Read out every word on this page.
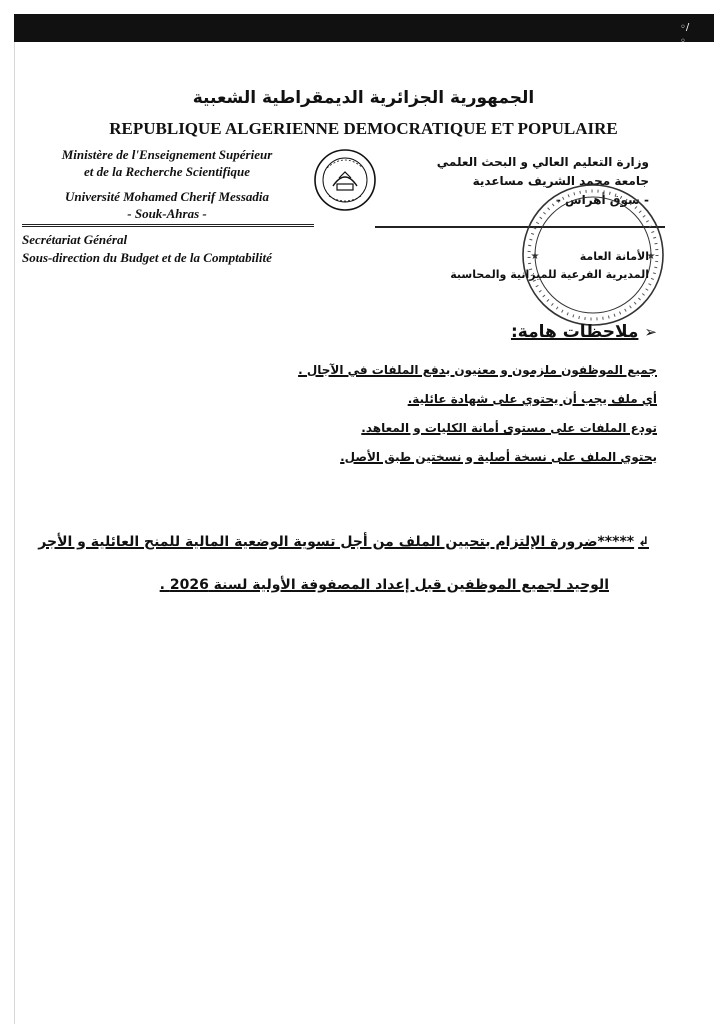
◦/◦
الجمهورية الجزائرية الديمقراطية الشعبية
REPUBLIQUE ALGERIENNE DEMOCRATIQUE ET POPULAIRE
Ministère de l'Enseignement Supérieur
et de la Recherche Scientifique
Université Mohamed Cherif Messadia
- Souk-Ahras -
وزارة التعليم العالي و البحث العلمي
جامعة محمد الشريف مساعدية
- سوق أهراس -
Secrétariat Général
Sous-direction du Budget et de la Comptabilité	★
★	الأمانة العامة
المديرية الفرعية للميزانية والمحاسبة
➢ملاحظات هامة:
جميع الموظفون ملزمون و معنيون بدفع الملفات في الآجال .
أي ملف يجب أن يحتوي على شهادة عائلية.
تودع الملفات على مستوى أمانة الكليات و المعاهد.
يحتوي الملف على نسخة أصلية و نسختين طبق الأصل.
↲*****ضرورة الإلتزام بتحيين الملف من أجل تسوية الوضعية المالية للمنح العائلية و الأجر
الوحيد لجميع الموظفين قبل إعداد المصفوفة الأولية لسنة 2026 .
